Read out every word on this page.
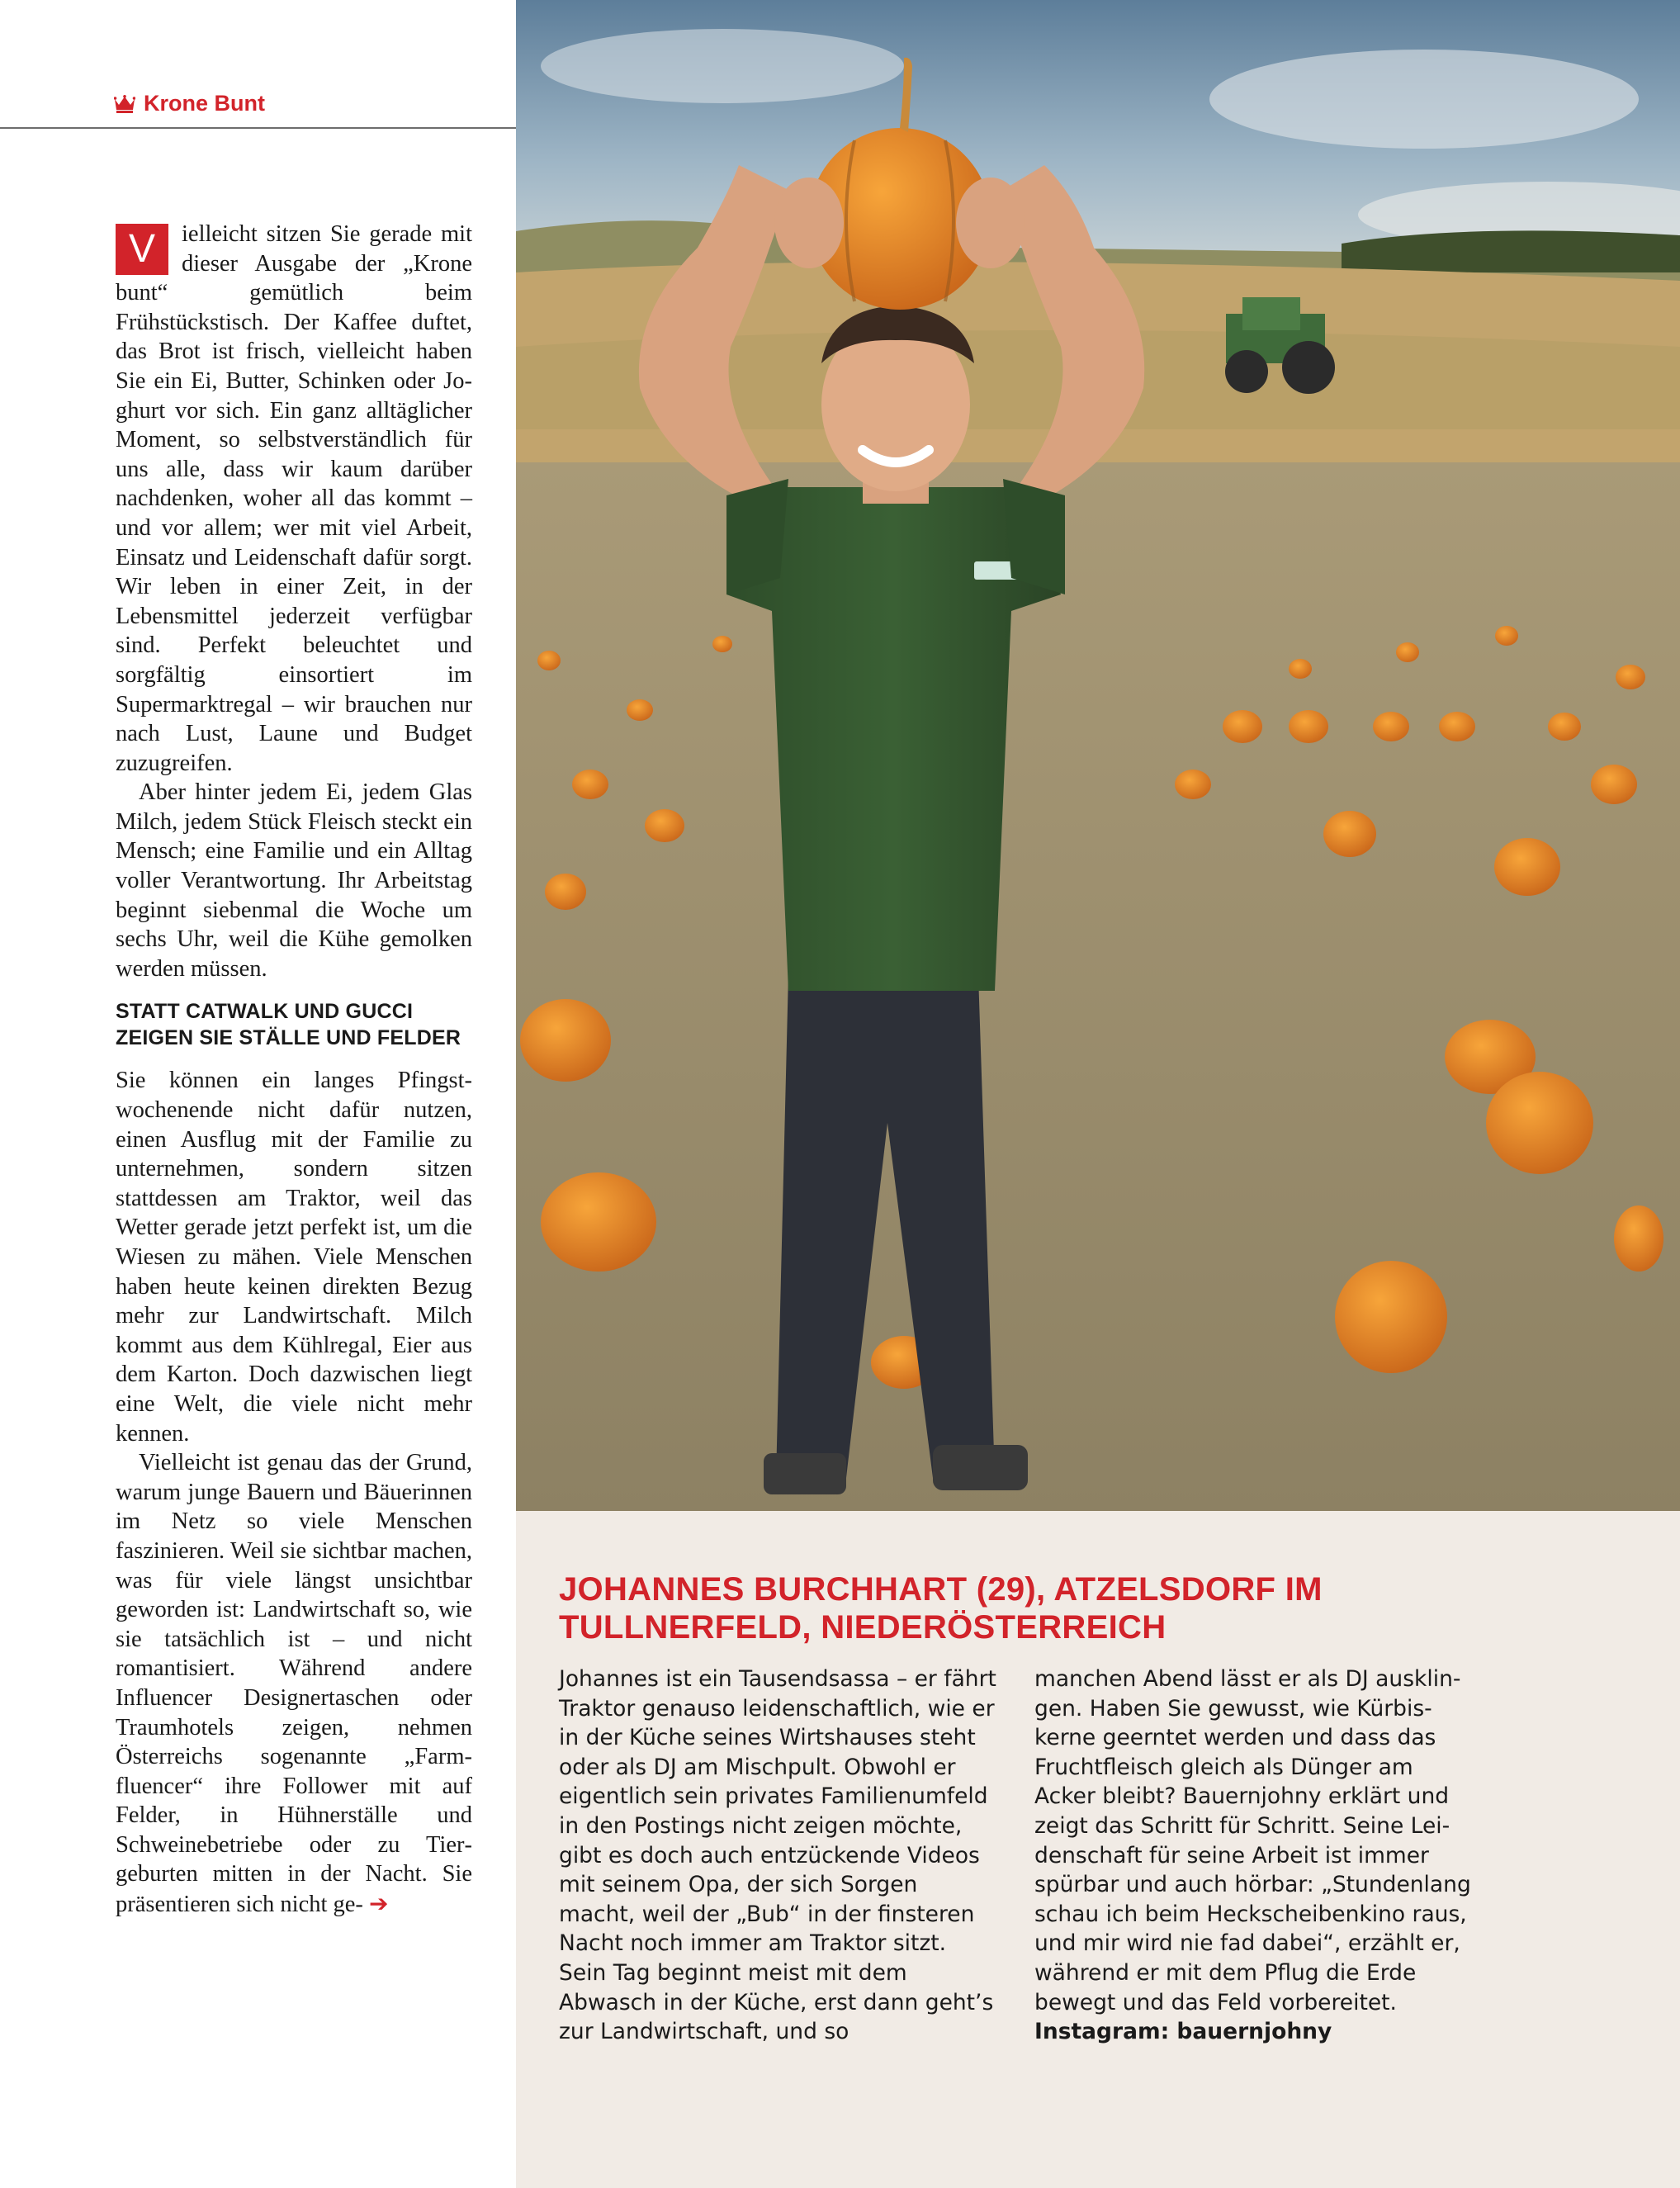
Krone Bunt
V	ielleicht sitzen Sie gerade mit dieser Ausgabe der „Krone bunt“ gemütlich beim Frühstückstisch. Der Kaffee duftet, das Brot ist frisch, vielleicht haben Sie ein Ei, Butter, Schinken oder Joghurt vor sich. Ein ganz alltäglicher Moment, so selbstverständlich für uns alle, dass wir kaum darüber nachdenken, woher all das kommt – und vor allem; wer mit viel Arbeit, Einsatz und Leidenschaft dafür sorgt. Wir leben in einer Zeit, in der Lebensmittel jederzeit verfügbar sind. Perfekt beleuchtet und sorgfältig einsortiert im Supermarktregal – wir brauchen nur nach Lust, Laune und Budget zuzugreifen.

Aber hinter jedem Ei, jedem Glas Milch, jedem Stück Fleisch steckt ein Mensch; eine Familie und ein Alltag voller Verantwortung. Ihr Arbeitstag beginnt siebenmal die Woche um sechs Uhr, weil die Kühe gemolken werden müssen.

STATT CATWALK UND GUCCI ZEIGEN SIE STÄLLE UND FELDER

Sie können ein langes Pfingstwochenende nicht dafür nutzen, einen Ausflug mit der Familie zu unternehmen, sondern sitzen stattdessen am Traktor, weil das Wetter gerade jetzt perfekt ist, um die Wiesen zu mähen. Viele Menschen haben heute keinen direkten Bezug mehr zur Landwirtschaft. Milch kommt aus dem Kühlregal, Eier aus dem Karton. Doch dazwischen liegt eine Welt, die viele nicht mehr kennen.

Vielleicht ist genau das der Grund, warum junge Bauern und Bäuerinnen im Netz so viele Menschen faszinieren. Weil sie sichtbar machen, was für viele längst unsichtbar geworden ist: Landwirtschaft so, wie sie tatsächlich ist – und nicht romantisiert. Während andere Influencer Designertaschen oder Traumhotels zeigen, nehmen Österreichs sogenannte „Farmfluencer“ ihre Follower mit auf Felder, in Hühnerställe und Schweinebetriebe oder zu Tiergeburten mitten in der Nacht. Sie präsentieren sich nicht ge- ➔

JOHANNES BURCHHART (29), ATZELSDORF IM TULLNERFELD, NIEDERÖSTERREICH

Johannes ist ein Tausendsassa – er fährt Traktor genauso leidenschaftlich, wie er in der Küche seines Wirtshauses steht oder als DJ am Mischpult. Obwohl er eigentlich sein privates Familienumfeld in den Postings nicht zeigen möchte, gibt es doch auch entzückende Videos mit seinem Opa, der sich Sorgen macht, weil der „Bub“ in der finsteren Nacht noch immer am Traktor sitzt. Sein Tag beginnt meist mit dem Abwasch in der Küche, erst dann geht’s zur Landwirtschaft, und so

manchen Abend lässt er als DJ ausklingen. Haben Sie gewusst, wie Kürbiskerne geerntet werden und dass das Fruchtfleisch gleich als Dünger am Acker bleibt? Bauernjohny erklärt und zeigt das Schritt für Schritt. Seine Leidenschaft für seine Arbeit ist immer spürbar und auch hörbar: „Stundenlang schau ich beim Heckscheibenkino raus, und mir wird nie fad dabei“, erzählt er, während er mit dem Pflug die Erde bewegt und das Feld vorbereitet.
Instagram: bauernjohny
